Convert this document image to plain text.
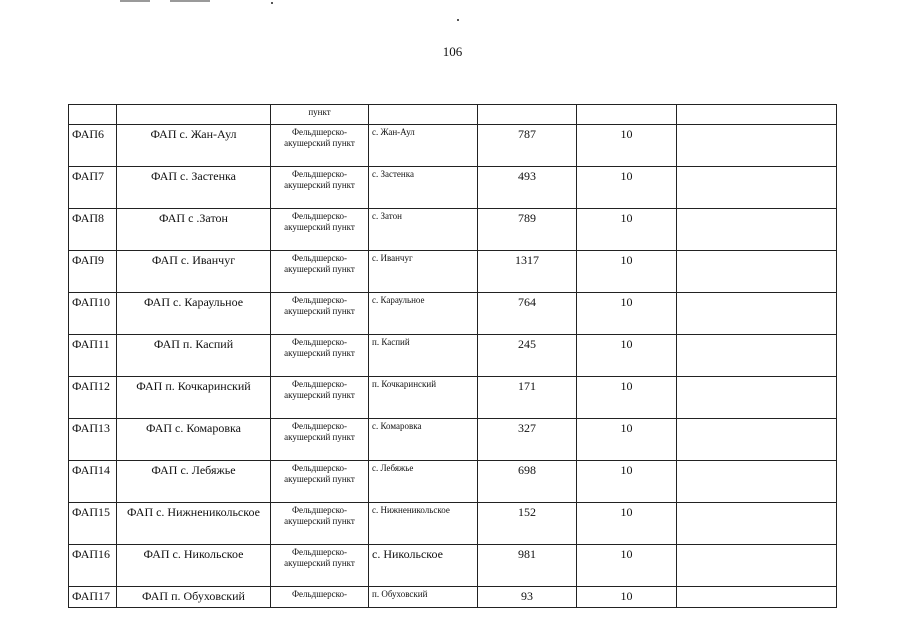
106
		пункт				
ФАП6	ФАП с. Жан-Аул	Фельдшерско-акушерский пункт	с. Жан-Аул	787	10	
ФАП7	ФАП с. Застенка	Фельдшерско-акушерский пункт	с. Застенка	493	10	
ФАП8	ФАП с .Затон	Фельдшерско-акушерский пункт	с. Затон	789	10	
ФАП9	ФАП с. Иванчуг	Фельдшерско-акушерский пункт	с. Иванчуг	1317	10	
ФАП10	ФАП с. Караульное	Фельдшерско-акушерский пункт	с. Караульное	764	10	
ФАП11	ФАП п. Каспий	Фельдшерско-акушерский пункт	п. Каспий	245	10	
ФАП12	ФАП п. Кочкаринский	Фельдшерско-акушерский пункт	п. Кочкаринский	171	10	
ФАП13	ФАП с. Комаровка	Фельдшерско-акушерский пункт	с. Комаровка	327	10	
ФАП14	ФАП с. Лебяжье	Фельдшерско-акушерский пункт	с. Лебяжье	698	10	
ФАП15	ФАП с. Нижненикольское	Фельдшерско-акушерский пункт	с. Нижненикольское	152	10	
ФАП16	ФАП с. Никольское	Фельдшерско-акушерский пункт	с. Никольское	981	10	
ФАП17	ФАП п. Обуховский	Фельдшерско-	п. Обуховский	93	10	
